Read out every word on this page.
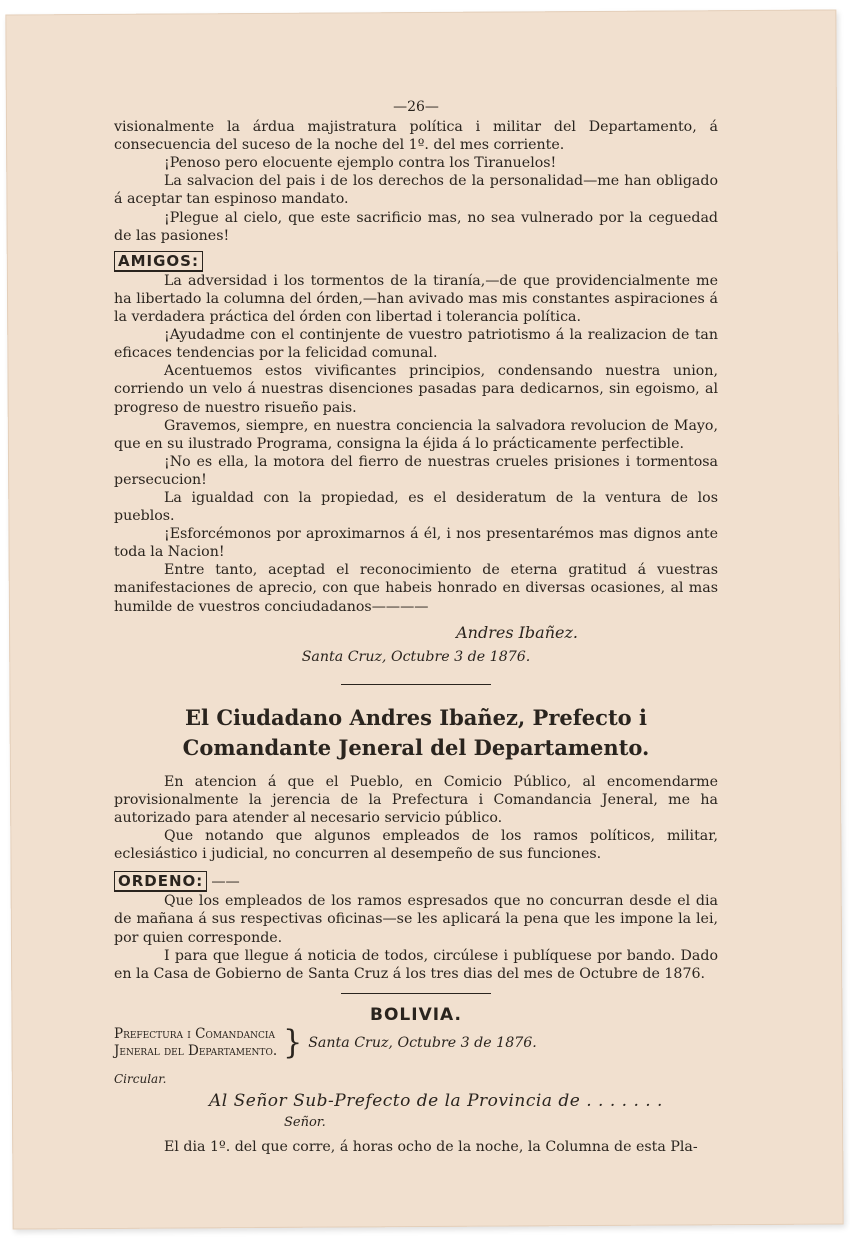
—26—

visionalmente la árdua majistratura política i militar del Departamento, á consecuencia del suceso de la noche del 1º. del mes corriente.

¡Penoso pero elocuente ejemplo contra los Tiranuelos!

La salvacion del pais i de los derechos de la personalidad—me han obligado á aceptar tan espinoso mandato.

¡Plegue al cielo, que este sacrificio mas, no sea vulnerado por la ceguedad de las pasiones!

AMIGOS:

La adversidad i los tormentos de la tiranía,—de que providencialmente me ha libertado la columna del órden,—han avivado mas mis constantes aspiraciones á la verdadera práctica del órden con libertad i tolerancia política.

¡Ayudadme con el continjente de vuestro patriotismo á la realizacion de tan eficaces tendencias por la felicidad comunal.

Acentuemos estos vivificantes principios, condensando nuestra union, corriendo un velo á nuestras disenciones pasadas para dedicarnos, sin egoismo, al progreso de nuestro risueño pais.

Gravemos, siempre, en nuestra conciencia la salvadora revolucion de Mayo, que en su ilustrado Programa, consigna la éjida á lo prácticamente perfectible.

¡No es ella, la motora del fierro de nuestras crueles prisiones i tormentosa persecucion!

La igualdad con la propiedad, es el desideratum de la ventura de los pueblos.

¡Esforcémonos por aproximarnos á él, i nos presentarémos mas dignos ante toda la Nacion!

Entre tanto, aceptad el reconocimiento de eterna gratitud á vuestras manifestaciones de aprecio, con que habeis honrado en diversas ocasiones, al mas humilde de vuestros conciudadanos————

Andres Ibañez.

Santa Cruz, Octubre 3 de 1876.

El Ciudadano Andres Ibañez, Prefecto i Comandante Jeneral del Departamento.

En atencion á que el Pueblo, en Comicio Público, al encomendarme provisionalmente la jerencia de la Prefectura i Comandancia Jeneral, me ha autorizado para atender al necesario servicio público.

Que notando que algunos empleados de los ramos políticos, militar, eclesiástico i judicial, no concurren al desempeño de sus funciones.

ORDENO: ——

Que los empleados de los ramos espresados que no concurran desde el dia de mañana á sus respectivas oficinas—se les aplicará la pena que les impone la lei, por quien corresponde.

I para que llegue á noticia de todos, circúlese i publíquese por bando. Dado en la Casa de Gobierno de Santa Cruz á los tres dias del mes de Octubre de 1876.

BOLIVIA.

Prefectura i Comandancia
Jeneral del Departamento. } Santa Cruz, Octubre 3 de 1876.

Circular.

Al Señor Sub-Prefecto de la Provincia de . . . . . . .

Señor.

El dia 1º. del que corre, á horas ocho de la noche, la Columna de esta Pla-
